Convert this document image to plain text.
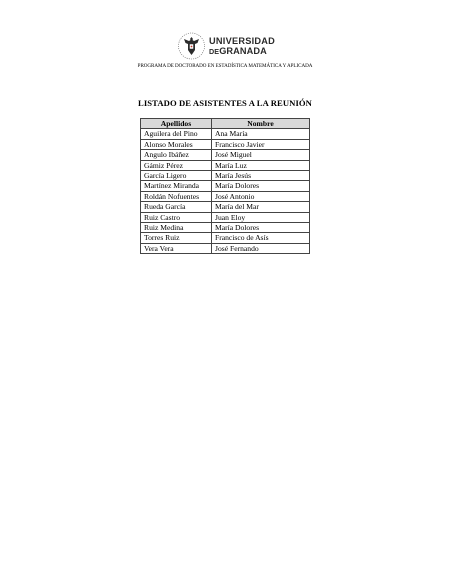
UNIVERSIDAD
DEGRANADA
PROGRAMA DE DOCTORADO EN ESTADÍSTICA MATEMÁTICA Y APLICADA
LISTADO DE ASISTENTES A LA REUNIÓN
Apellidos	Nombre
Aguilera del Pino	Ana María
Alonso Morales	Francisco Javier
Angulo Ibáñez	José Miguel
Gámiz Pérez	María Luz
García Ligero	María Jesús
Martínez Miranda	María Dolores
Roldán Nofuentes	José Antonio
Rueda García	María del Mar
Ruiz Castro	Juan Eloy
Ruiz Medina	María Dolores
Torres Ruiz	Francisco de Asís
Vera Vera	José Fernando
